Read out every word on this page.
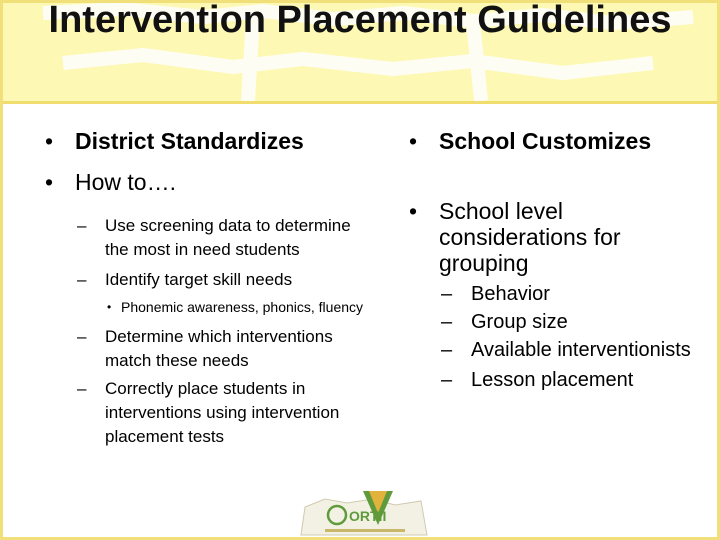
Intervention Placement Guidelines
• District Standardizes
• How to….
– Use screening data to determine the most in need students
– Identify target skill needs
• Phonemic awareness, phonics, fluency
– Determine which interventions match these needs
– Correctly place students in interventions using intervention placement tests
• School Customizes
• School level considerations for grouping
– Behavior
– Group size
– Available interventionists
– Lesson placement
ORTII
